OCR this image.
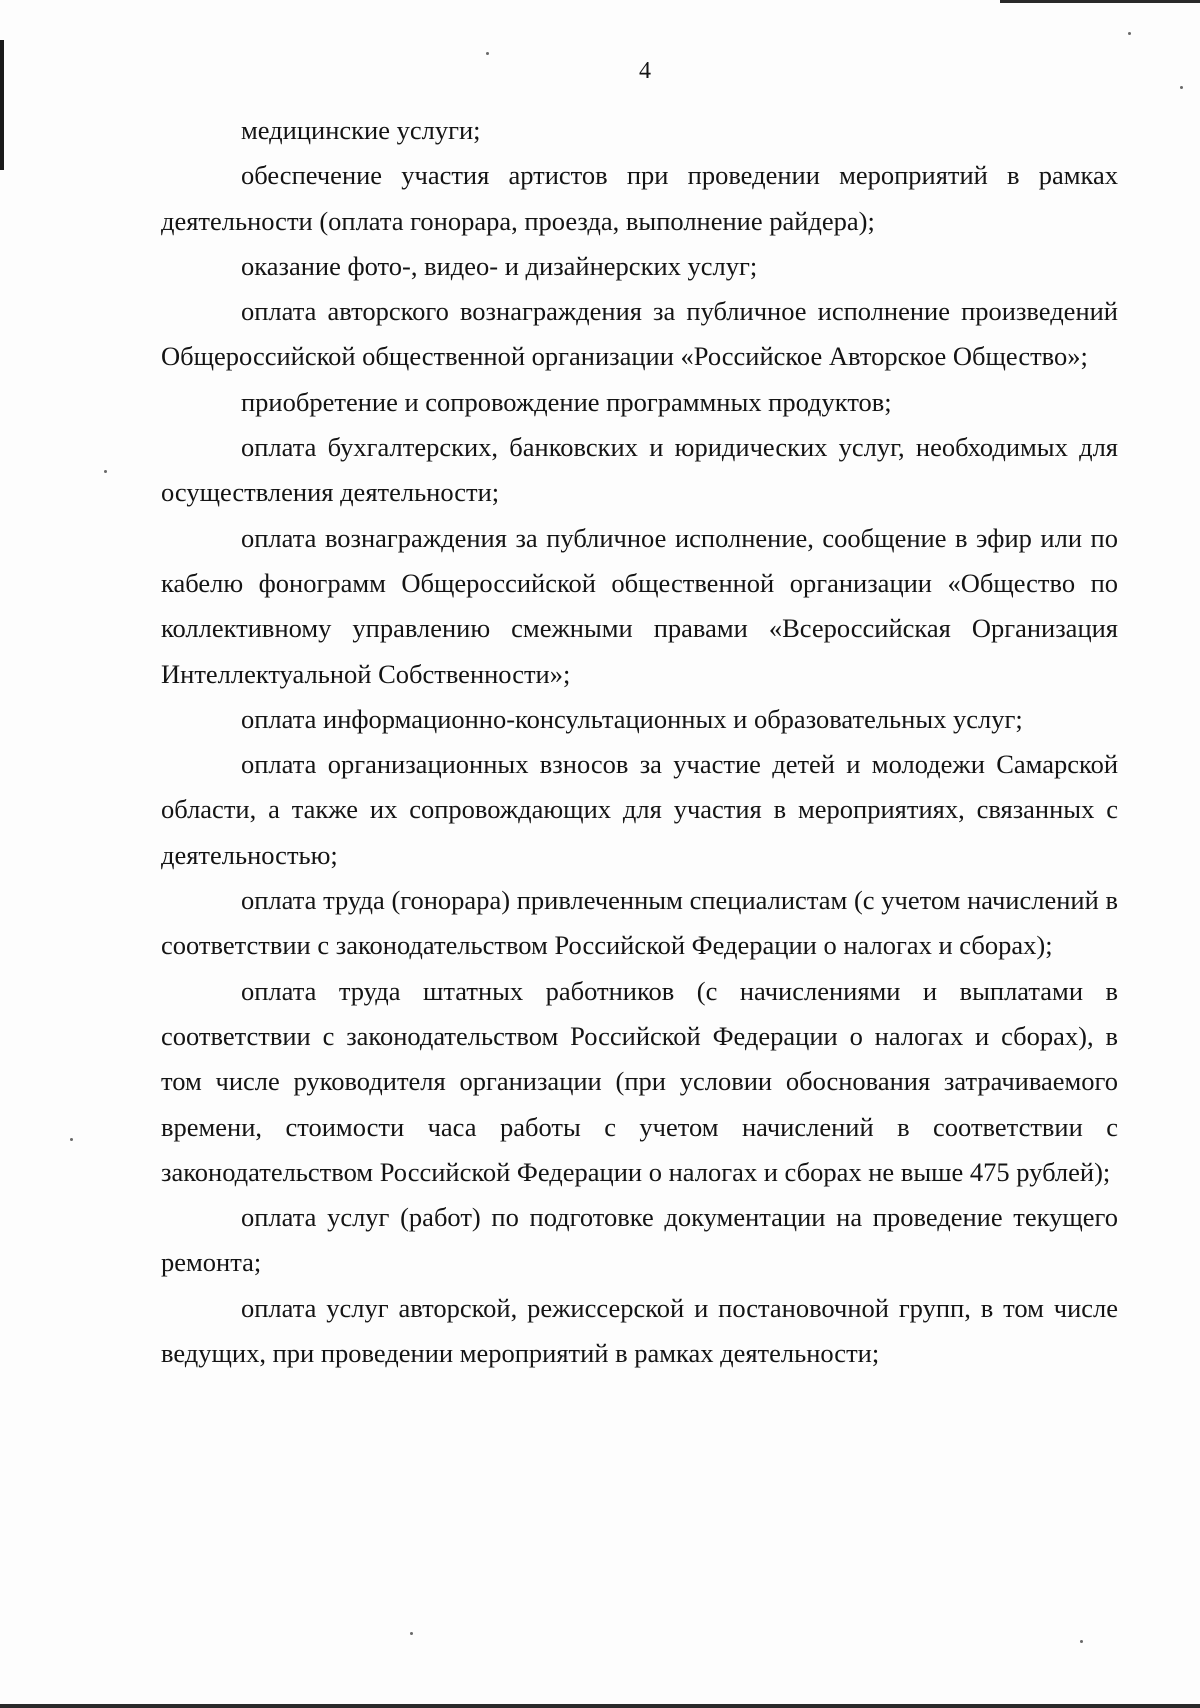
4

медицинские услуги;

обеспечение участия артистов при проведении мероприятий в рамках деятельности (оплата гонорара, проезда, выполнение райдера);

оказание фото-, видео- и дизайнерских услуг;

оплата авторского вознаграждения за публичное исполнение произведений Общероссийской общественной организации «Российское Авторское Общество»;

приобретение и сопровождение программных продуктов;

оплата бухгалтерских, банковских и юридических услуг, необходимых для осуществления деятельности;

оплата вознаграждения за публичное исполнение, сообщение в эфир или по кабелю фонограмм Общероссийской общественной организации «Общество по коллективному управлению смежными правами «Всероссийская Организация Интеллектуальной Собственности»;

оплата информационно-консультационных и образовательных услуг;

оплата организационных взносов за участие детей и молодежи Самарской области, а также их сопровождающих для участия в мероприятиях, связанных с деятельностью;

оплата труда (гонорара) привлеченным специалистам (с учетом начислений в соответствии с законодательством Российской Федерации о налогах и сборах);

оплата труда штатных работников (с начислениями и выплатами в соответствии с законодательством Российской Федерации о налогах и сборах), в том числе руководителя организации (при условии обоснования затрачиваемого времени, стоимости часа работы с учетом начислений в соответствии с законодательством Российской Федерации о налогах и сборах не выше 475 рублей);

оплата услуг (работ) по подготовке документации на проведение текущего ремонта;

оплата услуг авторской, режиссерской и постановочной групп, в том числе ведущих, при проведении мероприятий в рамках деятельности;
